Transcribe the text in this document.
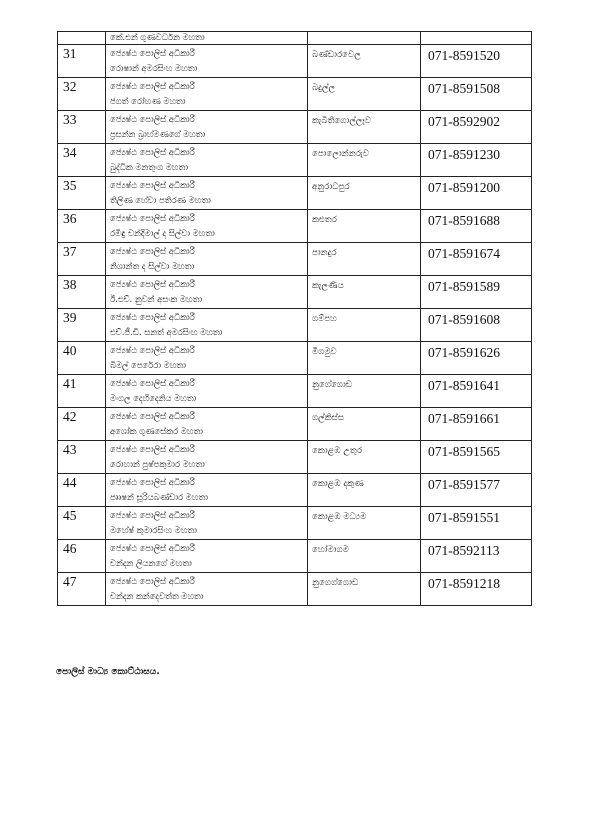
	කේ.එන් ගුණවර්ධන මහතා		

31	ජ්‍යෙෂ්ඨ පොලිස් අධිකාරී
රොෂාන් අමරසිංහ මහතා	බණ්ඩාරවෙල	071-8591520

32	ජ්‍යෙෂ්ඨ පොලිස් අධිකාරී
ජගත් රෝහණ මහතා	බදුල්ල	071-8591508

33	ජ්‍යෙෂ්ඨ පොලිස් අධිකාරී
ප්‍රසන්න බ්‍රාහ්මණගේ මහතා	කැබිතිගොල්ලෑව	071-8592902

34	ජ්‍යෙෂ්ඨ පොලිස් අධිකාරී
බුද්ධික මනතුංග මහතා	පොලොන්නරුව	071-8591230

35	ජ්‍යෙෂ්ඨ පොලිස් අධිකාරී
තිලිණ හේවා පතිරණ මහතා	අනුරාධපුර	071-8591200

36	ජ්‍යෙෂ්ඨ පොලිස් අධිකාරී
රමිඳු චන්දිමාල් ද සිල්වා මහතා	කළුතර	071-8591688

37	ජ්‍යෙෂ්ඨ පොලිස් අධිකාරී
නිශාන්ත ද සිල්වා මහතා	පානදුර	071-8591674

38	ජ්‍යෙෂ්ඨ පොලිස් අධිකාරී
ඊ.එච්. නුවන් අසංක මහතා	කැලණිය	071-8591589

39	ජ්‍යෙෂ්ඨ පොලිස් අධිකාරී
එච්.ජී.ඩී. සනත් අමරසිංහ මහතා	ගම්පහ	071-8591608

40	ජ්‍යෙෂ්ඨ පොලිස් අධිකාරී
බිමල් පෙරේරා මහතා	මීගමුව	071-8591626

41	ජ්‍යෙෂ්ඨ පොලිස් අධිකාරී
මංගල දෙහිදෙනිය මහතා	නුගේගොඩ	071-8591641

42	ජ්‍යෙෂ්ඨ පොලිස් අධිකාරී
අශෝක ගුණසේකර මහතා	ගල්කිස්ස	071-8591661

43	ජ්‍යෙෂ්ඨ පොලිස් අධිකාරී
රොහාන් පුෂ්පකුමාර මහතා	කොළඹ උතුර	071-8591565

44	ජ්‍යෙෂ්ඨ පොලිස් අධිකාරී
ප්‍රූෂන් සූරියබණ්ඩාර මහතා	කොළඹ දකුණ	071-8591577

45	ජ්‍යෙෂ්ඨ පොලිස් අධිකාරී
මහේෂ් කුමාරසිංහ මහතා	කොළඹ මධ්‍යම	071-8591551

46	ජ්‍යෙෂ්ඨ පොලිස් අධිකාරී
චන්දන ලියනගේ මහතා	හෝමාගම	071-8592113

47	ජ්‍යෙෂ්ඨ පොලිස් අධිකාරී
චන්දන කන්දෙවත්ත මහතා	නුගෙග්ගොඩ	071-8591218
පොලිස් මාධ්‍ය කොට්ඨාසය.
